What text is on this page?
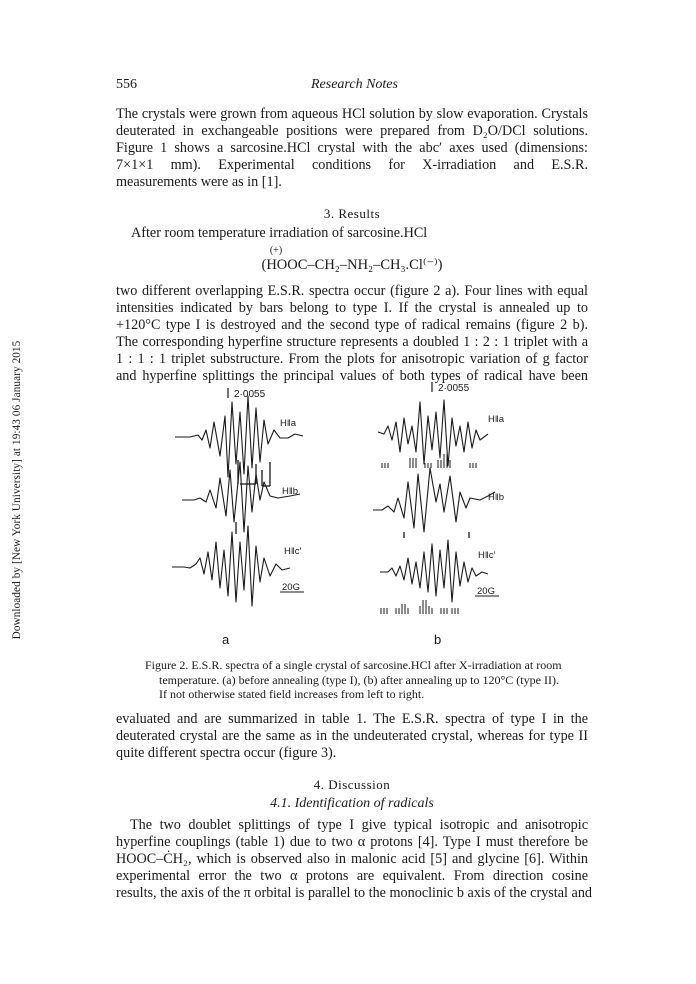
Downloaded by [New York University] at 19:43 06 January 2015
556	Research Notes
The crystals were grown from aqueous HCl solution by slow evaporation. Crystals
deuterated in exchangeable positions were prepared from D₂O/DCl solutions.
Figure 1 shows a sarcosine.HCl crystal with the abc′ axes used (dimensions:
7×1×1 mm). Experimental conditions for X-irradiation and E.S.R.
measurements were as in [1].
3. Results
After room temperature irradiation of sarcosine.HCl
(+)
(HOOC–CH₂–NH₂–CH₃.Cl⁽⁻⁾)
two different overlapping E.S.R. spectra occur (figure 2 a). Four lines with equal
intensities indicated by bars belong to type I. If the crystal is annealed up to
+120°C type I is destroyed and the second type of radical remains (figure 2 b).
The corresponding hyperfine structure represents a doubled 1 : 2 : 1 triplet with a
1 : 1 : 1 triplet substructure. From the plots for anisotropic variation of g factor
and hyperfine splittings the principal values of both types of radical have been
2·0055
2·0055
H‖a
H‖b
H‖c′
H‖a
H‖b
H‖c′
20G	20G
a	b
Figure 2. E.S.R. spectra of a single crystal of sarcosine.HCl after X-irradiation at room
temperature. (a) before annealing (type I), (b) after annealing up to 120°C (type II).
If not otherwise stated field increases from left to right.
evaluated and are summarized in table 1. The E.S.R. spectra of type I in the
deuterated crystal are the same as in the undeuterated crystal, whereas for type II
quite different spectra occur (figure 3).
4. Discussion
4.1. Identification of radicals
The two doublet splittings of type I give typical isotropic and anisotropic
hyperfine couplings (table 1) due to two α protons [4]. Type I must therefore be
HOOC–ĊH₂, which is observed also in malonic acid [5] and glycine [6]. Within
experimental error the two α protons are equivalent. From direction cosine
results, the axis of the π orbital is parallel to the monoclinic b axis of the crystal and
